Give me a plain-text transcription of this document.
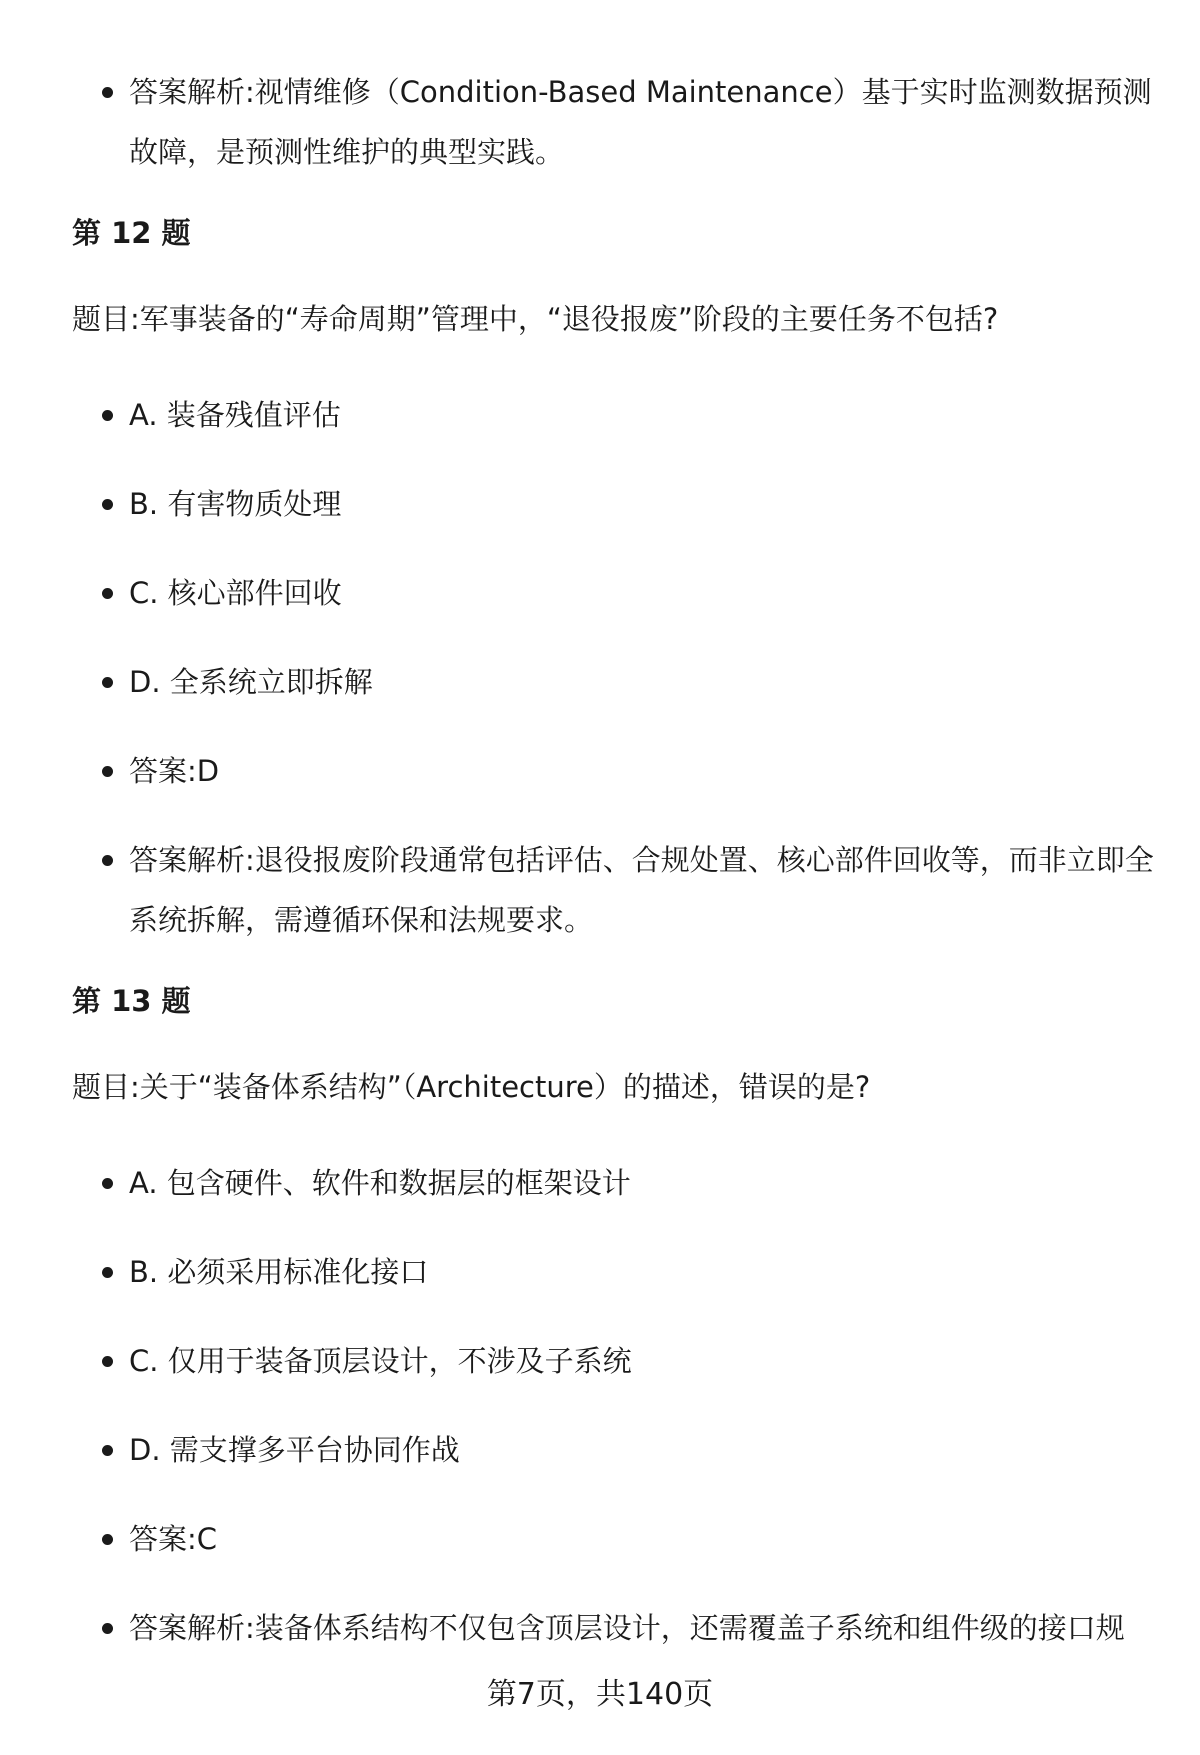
答案解析:视情维修（Condition-Based Maintenance）基于实时监测数据预测故障，是预测性维护的典型实践。
第 12 题
题目:军事装备的“寿命周期”管理中，“退役报废”阶段的主要任务不包括?
A. 装备残值评估
B. 有害物质处理
C. 核心部件回收
D. 全系统立即拆解
答案:D
答案解析:退役报废阶段通常包括评估、合规处置、核心部件回收等，而非立即全系统拆解，需遵循环保和法规要求。
第 13 题
题目:关于“装备体系结构”（Architecture）的描述，错误的是?
A. 包含硬件、软件和数据层的框架设计
B. 必须采用标准化接口
C. 仅用于装备顶层设计，不涉及子系统
D. 需支撑多平台协同作战
答案:C
答案解析:装备体系结构不仅包含顶层设计，还需覆盖子系统和组件级的接口规
第7页，共140页
